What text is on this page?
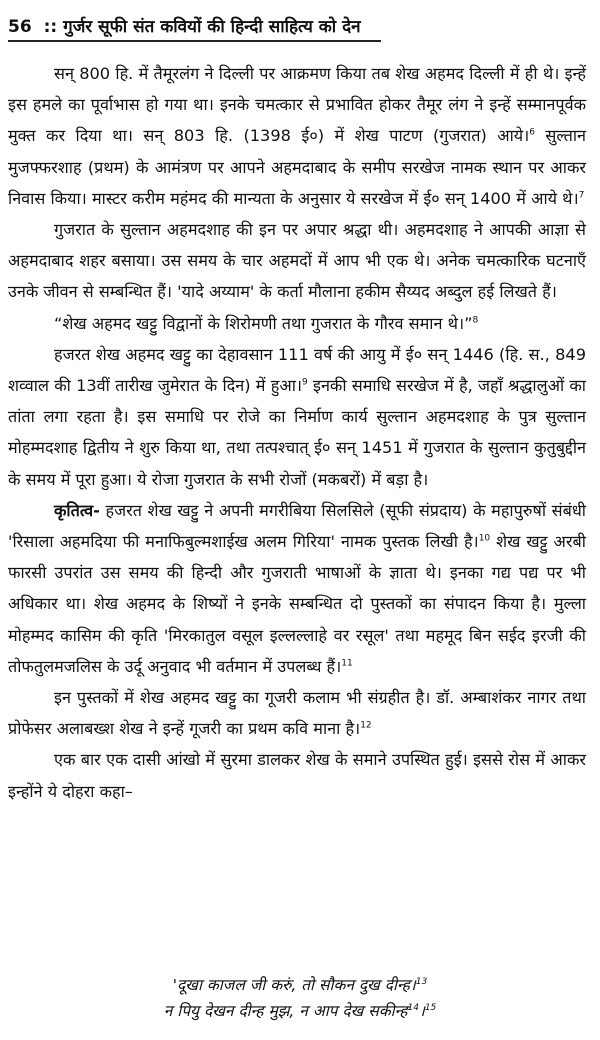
56 :: गुर्जर सूफी संत कवियों की हिन्दी साहित्य को देन

सन् 800 हि. में तैमूरलंग ने दिल्ली पर आक्रमण किया तब शेख अहमद दिल्ली में ही थे। इन्हें इस हमले का पूर्वाभास हो गया था। इनके चमत्कार से प्रभावित होकर तैमूर लंग ने इन्हें सम्मानपूर्वक मुक्त कर दिया था। सन् 803 हि. (1398 ई०) में शेख पाटण (गुजरात) आये।$^6$ सुल्तान मुजफ्फरशाह (प्रथम) के आमंत्रण पर आपने अहमदाबाद के समीप सरखेज नामक स्थान पर आकर निवास किया। मास्टर करीम महंमद की मान्यता के अनुसार ये सरखेज में ई० सन् 1400 में आये थे।$^7$

गुजरात के सुल्तान अहमदशाह की इन पर अपार श्रद्धा थी। अहमदशाह ने आपकी आज्ञा से अहमदाबाद शहर बसाया। उस समय के चार अहमदों में आप भी एक थे। अनेक चमत्कारिक घटनाएँ उनके जीवन से सम्बन्धित हैं। 'यादे अय्याम' के कर्ता मौलाना हकीम सैय्यद अब्दुल हई लिखते हैं।

“शेख अहमद खट्टु विद्वानों के शिरोमणी तथा गुजरात के गौरव समान थे।”$^8$

हजरत शेख अहमद खट्टु का देहावसान 111 वर्ष की आयु में ई० सन् 1446 (हि. स., 849 शव्वाल की 13वीं तारीख जुमेरात के दिन) में हुआ।$^9$ इनकी समाधि सरखेज में है, जहाँ श्रद्धालुओं का तांता लगा रहता है। इस समाधि पर रोजे का निर्माण कार्य सुल्तान अहमदशाह के पुत्र सुल्तान मोहम्मदशाह द्वितीय ने शुरु किया था, तथा तत्पश्चात् ई० सन् 1451 में गुजरात के सुल्तान कुतुबुद्दीन के समय में पूरा हुआ। ये रोजा गुजरात के सभी रोजों (मकबरों) में बड़ा है।

कृतित्व- हजरत शेख खट्टु ने अपनी मगरीबिया सिलसिले (सूफी संप्रदाय) के महापुरुषों संबंधी 'रिसाला अहमदिया फी मनाफिबुल्मशाईख अलम गिरिया' नामक पुस्तक लिखी है।$^{10}$ शेख खट्टु अरबी फारसी उपरांत उस समय की हिन्दी और गुजराती भाषाओं के ज्ञाता थे। इनका गद्य पद्य पर भी अधिकार था। शेख अहमद के शिष्यों ने इनके सम्बन्धित दो पुस्तकों का संपादन किया है। मुल्ला मोहम्मद कासिम की कृति 'मिरकातुल वसूल इल्लल्लाहे वर रसूल' तथा महमूद बिन सईद इरजी की तोफतुलमजलिस के उर्दू अनुवाद भी वर्तमान में उपलब्ध हैं।$^{11}$

इन पुस्तकों में शेख अहमद खट्टु का गूजरी कलाम भी संग्रहीत है। डॉ. अम्बाशंकर नागर तथा प्रोफेसर अलाबख्श शेख ने इन्हें गूजरी का प्रथम कवि माना है।$^{12}$

एक बार एक दासी आंखो में सुरमा डालकर शेख के समाने उपस्थित हुई। इससे रोस में आकर इन्होंने ये दोहरा कहा–

'दूखा काजल जी करुं, तो सौकन दुख दीन्ह।$^{13}$
न पियु देखन दीन्ह मुझ, न आप देख सकीन्ह$^{14}$।$^{15}$
